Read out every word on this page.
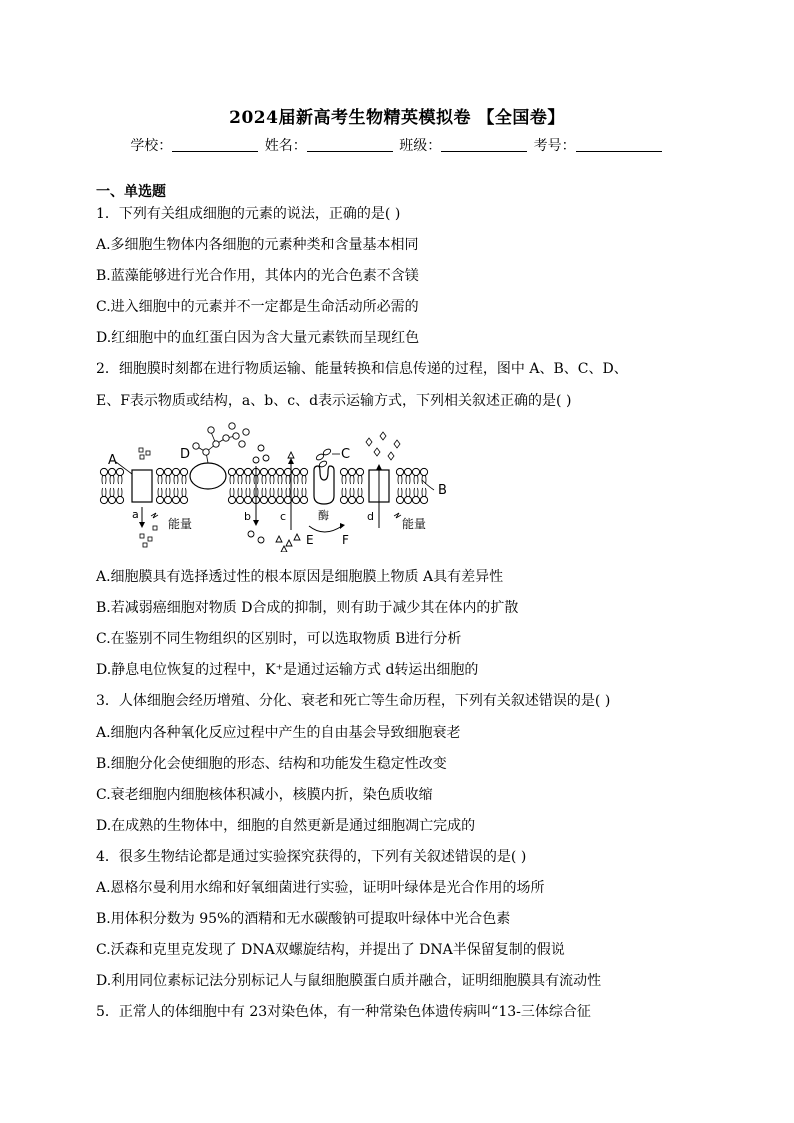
2024届新高考生物精英模拟卷 【全国卷】
学校：	姓名：	班级：	考号：
一、单选题
1．下列有关组成细胞的元素的说法，正确的是( )
A.多细胞生物体内各细胞的元素种类和含量基本相同
B.蓝藻能够进行光合作用，其体内的光合色素不含镁
C.进入细胞中的元素并不一定都是生命活动所必需的
D.红细胞中的血红蛋白因为含大量元素铁而呈现红色
2．细胞膜时刻都在进行物质运输、能量转换和信息传递的过程，图中 A、B、C、D、
E、F表示物质或结构，a、b、c、d表示运输方式，下列相关叙述正确的是( )
A
a
能量
D
b	c
C
酶
E F
d
能量
B
A.细胞膜具有选择透过性的根本原因是细胞膜上物质 A具有差异性
B.若减弱癌细胞对物质 D合成的抑制，则有助于减少其在体内的扩散
C.在鉴别不同生物组织的区别时，可以选取物质 B进行分析
D.静息电位恢复的过程中，K⁺是通过运输方式 d转运出细胞的
3．人体细胞会经历增殖、分化、衰老和死亡等生命历程，下列有关叙述错误的是( )
A.细胞内各种氧化反应过程中产生的自由基会导致细胞衰老
B.细胞分化会使细胞的形态、结构和功能发生稳定性改变
C.衰老细胞内细胞核体积减小，核膜内折，染色质收缩
D.在成熟的生物体中，细胞的自然更新是通过细胞凋亡完成的
4．很多生物结论都是通过实验探究获得的，下列有关叙述错误的是( )
A.恩格尔曼利用水绵和好氧细菌进行实验，证明叶绿体是光合作用的场所
B.用体积分数为 95%的酒精和无水碳酸钠可提取叶绿体中光合色素
C.沃森和克里克发现了 DNA双螺旋结构，并提出了 DNA半保留复制的假说
D.利用同位素标记法分别标记人与鼠细胞膜蛋白质并融合，证明细胞膜具有流动性
5．正常人的体细胞中有 23对染色体，有一种常染色体遗传病叫“13-三体综合征
